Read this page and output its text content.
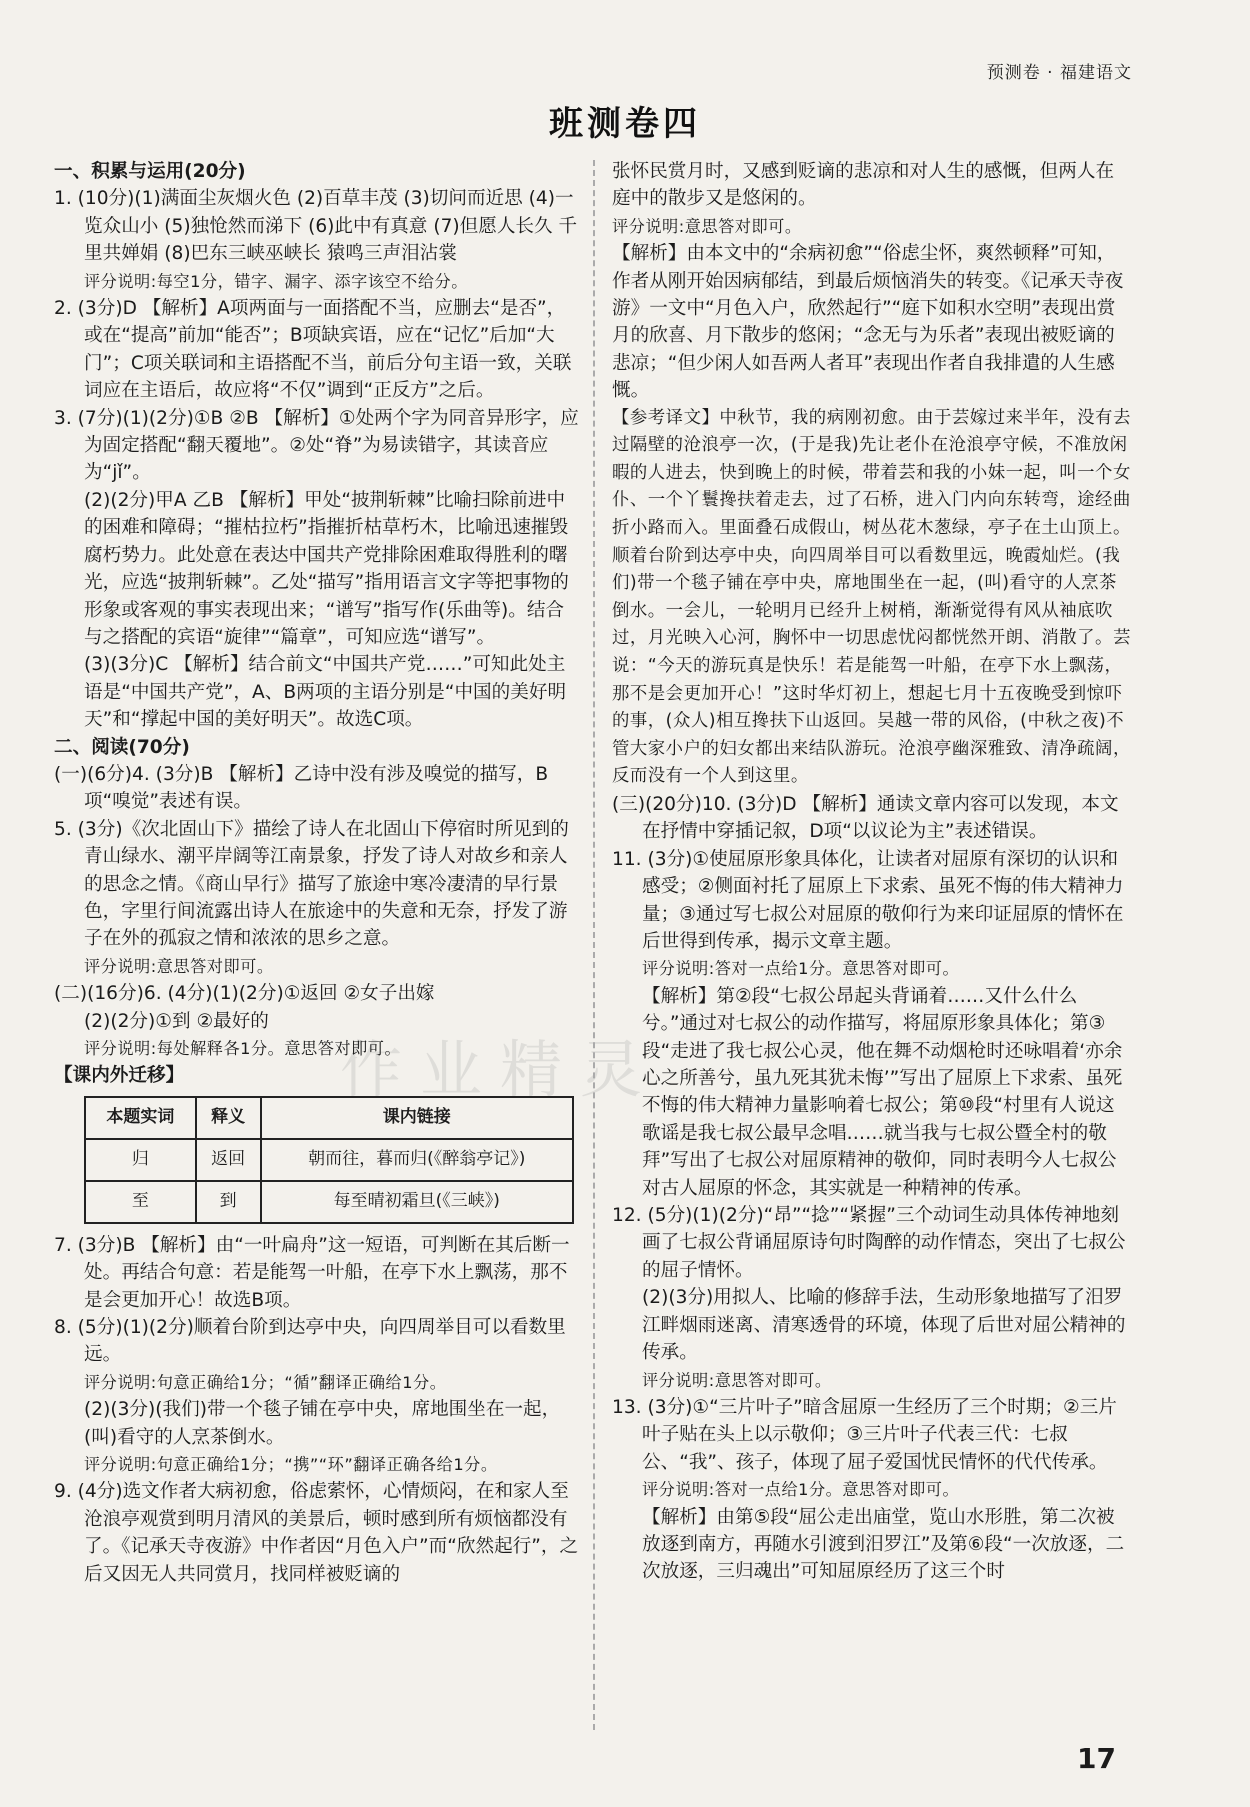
预测卷 · 福建语文
班测卷四
作业精灵

一、积累与运用(20分)

1. (10分)(1)满面尘灰烟火色 (2)百草丰茂 (3)切问而近思 (4)一览众山小 (5)独怆然而涕下 (6)此中有真意 (7)但愿人长久 千里共婵娟 (8)巴东三峡巫峡长 猿鸣三声泪沾裳

评分说明:每空1分，错字、漏字、添字该空不给分。

2. (3分)D 【解析】A项两面与一面搭配不当，应删去“是否”，或在“提高”前加“能否”；B项缺宾语，应在“记忆”后加“大门”；C项关联词和主语搭配不当，前后分句主语一致，关联词应在主语后，故应将“不仅”调到“正反方”之后。

3. (7分)(1)(2分)①B ②B 【解析】①处两个字为同音异形字，应为固定搭配“翻天覆地”。②处“脊”为易读错字，其读音应为“jǐ”。

(2)(2分)甲A 乙B 【解析】甲处“披荆斩棘”比喻扫除前进中的困难和障碍；“摧枯拉朽”指摧折枯草朽木，比喻迅速摧毁腐朽势力。此处意在表达中国共产党排除困难取得胜利的曙光，应选“披荆斩棘”。乙处“描写”指用语言文字等把事物的形象或客观的事实表现出来；“谱写”指写作(乐曲等)。结合与之搭配的宾语“旋律”“篇章”，可知应选“谱写”。

(3)(3分)C 【解析】结合前文“中国共产党……”可知此处主语是“中国共产党”，A、B两项的主语分别是“中国的美好明天”和“撑起中国的美好明天”。故选C项。

二、阅读(70分)

(一)(6分)4. (3分)B 【解析】乙诗中没有涉及嗅觉的描写，B项“嗅觉”表述有误。

5. (3分)《次北固山下》描绘了诗人在北固山下停宿时所见到的青山绿水、潮平岸阔等江南景象，抒发了诗人对故乡和亲人的思念之情。《商山早行》描写了旅途中寒冷凄清的早行景色，字里行间流露出诗人在旅途中的失意和无奈，抒发了游子在外的孤寂之情和浓浓的思乡之意。

评分说明:意思答对即可。

(二)(16分)6. (4分)(1)(2分)①返回 ②女子出嫁

(2)(2分)①到 ②最好的

评分说明:每处解释各1分。意思答对即可。

【课内外迁移】

本题实词	释义	课内链接
归	返回	朝而往，暮而归(《醉翁亭记》)
至	到	每至晴初霜旦(《三峡》)

7. (3分)B 【解析】由“一叶扁舟”这一短语，可判断在其后断一处。再结合句意：若是能驾一叶船，在亭下水上飘荡，那不是会更加开心！故选B项。

8. (5分)(1)(2分)顺着台阶到达亭中央，向四周举目可以看数里远。

评分说明:句意正确给1分；“循”翻译正确给1分。

(2)(3分)(我们)带一个毯子铺在亭中央，席地围坐在一起，(叫)看守的人烹茶倒水。

评分说明:句意正确给1分；“携”“环”翻译正确各给1分。

9. (4分)选文作者大病初愈，俗虑萦怀，心情烦闷，在和家人至沧浪亭观赏到明月清风的美景后，顿时感到所有烦恼都没有了。《记承天寺夜游》中作者因“月色入户”而“欣然起行”，之后又因无人共同赏月，找同样被贬谪的

张怀民赏月时，又感到贬谪的悲凉和对人生的感慨，但两人在庭中的散步又是悠闲的。

评分说明:意思答对即可。

【解析】由本文中的“余病初愈”“俗虑尘怀，爽然顿释”可知，作者从刚开始因病郁结，到最后烦恼消失的转变。《记承天寺夜游》一文中“月色入户，欣然起行”“庭下如积水空明”表现出赏月的欣喜、月下散步的悠闲；“念无与为乐者”表现出被贬谪的悲凉；“但少闲人如吾两人者耳”表现出作者自我排遣的人生感慨。

【参考译文】中秋节，我的病刚初愈。由于芸嫁过来半年，没有去过隔壁的沧浪亭一次，(于是我)先让老仆在沧浪亭守候，不准放闲暇的人进去，快到晚上的时候，带着芸和我的小妹一起，叫一个女仆、一个丫鬟搀扶着走去，过了石桥，进入门内向东转弯，途经曲折小路而入。里面叠石成假山，树丛花木葱绿，亭子在土山顶上。顺着台阶到达亭中央，向四周举目可以看数里远，晚霞灿烂。(我们)带一个毯子铺在亭中央，席地围坐在一起，(叫)看守的人烹茶倒水。一会儿，一轮明月已经升上树梢，渐渐觉得有风从袖底吹过，月光映入心河，胸怀中一切思虑忧闷都恍然开朗、消散了。芸说：“今天的游玩真是快乐！若是能驾一叶船，在亭下水上飘荡，那不是会更加开心！”这时华灯初上，想起七月十五夜晚受到惊吓的事，(众人)相互搀扶下山返回。吴越一带的风俗，(中秋之夜)不管大家小户的妇女都出来结队游玩。沧浪亭幽深雅致、清净疏阔，反而没有一个人到这里。

(三)(20分)10. (3分)D 【解析】通读文章内容可以发现，本文在抒情中穿插记叙，D项“以议论为主”表述错误。

11. (3分)①使屈原形象具体化，让读者对屈原有深切的认识和感受；②侧面衬托了屈原上下求索、虽死不悔的伟大精神力量；③通过写七叔公对屈原的敬仰行为来印证屈原的情怀在后世得到传承，揭示文章主题。

评分说明:答对一点给1分。意思答对即可。

【解析】第②段“七叔公昂起头背诵着……又什么什么兮。”通过对七叔公的动作描写，将屈原形象具体化；第③段“走进了我七叔公心灵，他在舞不动烟枪时还咏唱着‘亦余心之所善兮，虽九死其犹未悔’”写出了屈原上下求索、虽死不悔的伟大精神力量影响着七叔公；第⑩段“村里有人说这歌谣是我七叔公最早念唱……就当我与七叔公暨全村的敬拜”写出了七叔公对屈原精神的敬仰，同时表明今人七叔公对古人屈原的怀念，其实就是一种精神的传承。

12. (5分)(1)(2分)“昂”“捻”“紧握”三个动词生动具体传神地刻画了七叔公背诵屈原诗句时陶醉的动作情态，突出了七叔公的屈子情怀。

(2)(3分)用拟人、比喻的修辞手法，生动形象地描写了汨罗江畔烟雨迷离、清寒透骨的环境，体现了后世对屈公精神的传承。

评分说明:意思答对即可。

13. (3分)①“三片叶子”暗含屈原一生经历了三个时期；②三片叶子贴在头上以示敬仰；③三片叶子代表三代：七叔公、“我”、孩子，体现了屈子爱国忧民情怀的代代传承。

评分说明:答对一点给1分。意思答对即可。

【解析】由第⑤段“屈公走出庙堂，览山水形胜，第二次被放逐到南方，再随水引渡到汨罗江”及第⑥段“一次放逐，二次放逐，三归魂出”可知屈原经历了这三个时

17
